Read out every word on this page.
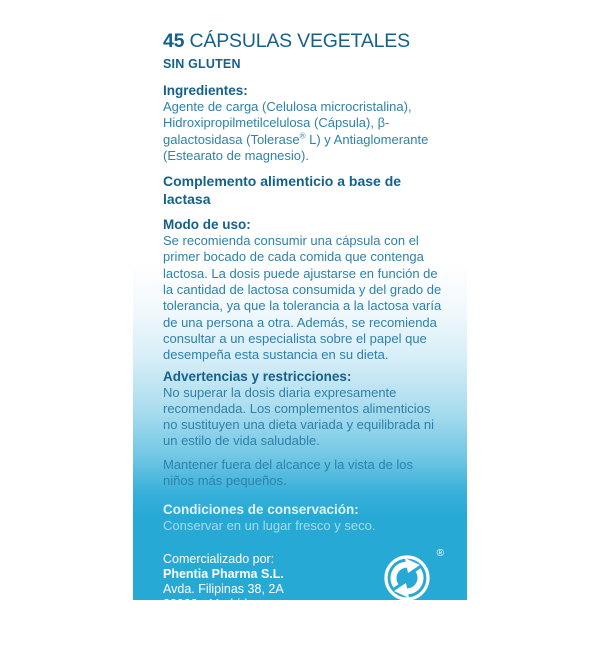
45 CÁPSULAS VEGETALES
SIN GLUTEN
Ingredientes:

Agente de carga (Celulosa microcristalina), Hidroxipropilmetilcelulosa (Cápsula), β-galactosidasa (Tolerase® L) y Antiaglomerante (Estearato de magnesio).

Complemento alimenticio a base de lactasa
Modo de uso:

Se recomienda consumir una cápsula con el primer bocado de cada comida que contenga lactosa. La dosis puede ajustarse en función de la cantidad de lactosa consumida y del grado de tolerancia, ya que la tolerancia a la lactosa varía de una persona a otra. Además, se recomienda consultar a un especialista sobre el papel que desempeña esta sustancia en su dieta.

Advertencias y restricciones:

No superar la dosis diaria expresamente recomendada. Los complementos alimenticios no sustituyen una dieta variada y equilibrada ni un estilo de vida saludable.

Mantener fuera del alcance y la vista de los niños más pequeños.

Condiciones de conservación:

Conservar en un lugar fresco y seco.

Comercializado por:
Phentia Pharma S.L.
Avda. Filipinas 38, 2A
28003 - Madrid
N° de Registro
Sanitario 26.022614/M
®
C.N. 213928.2
Peso Neto: 17,8 g.
